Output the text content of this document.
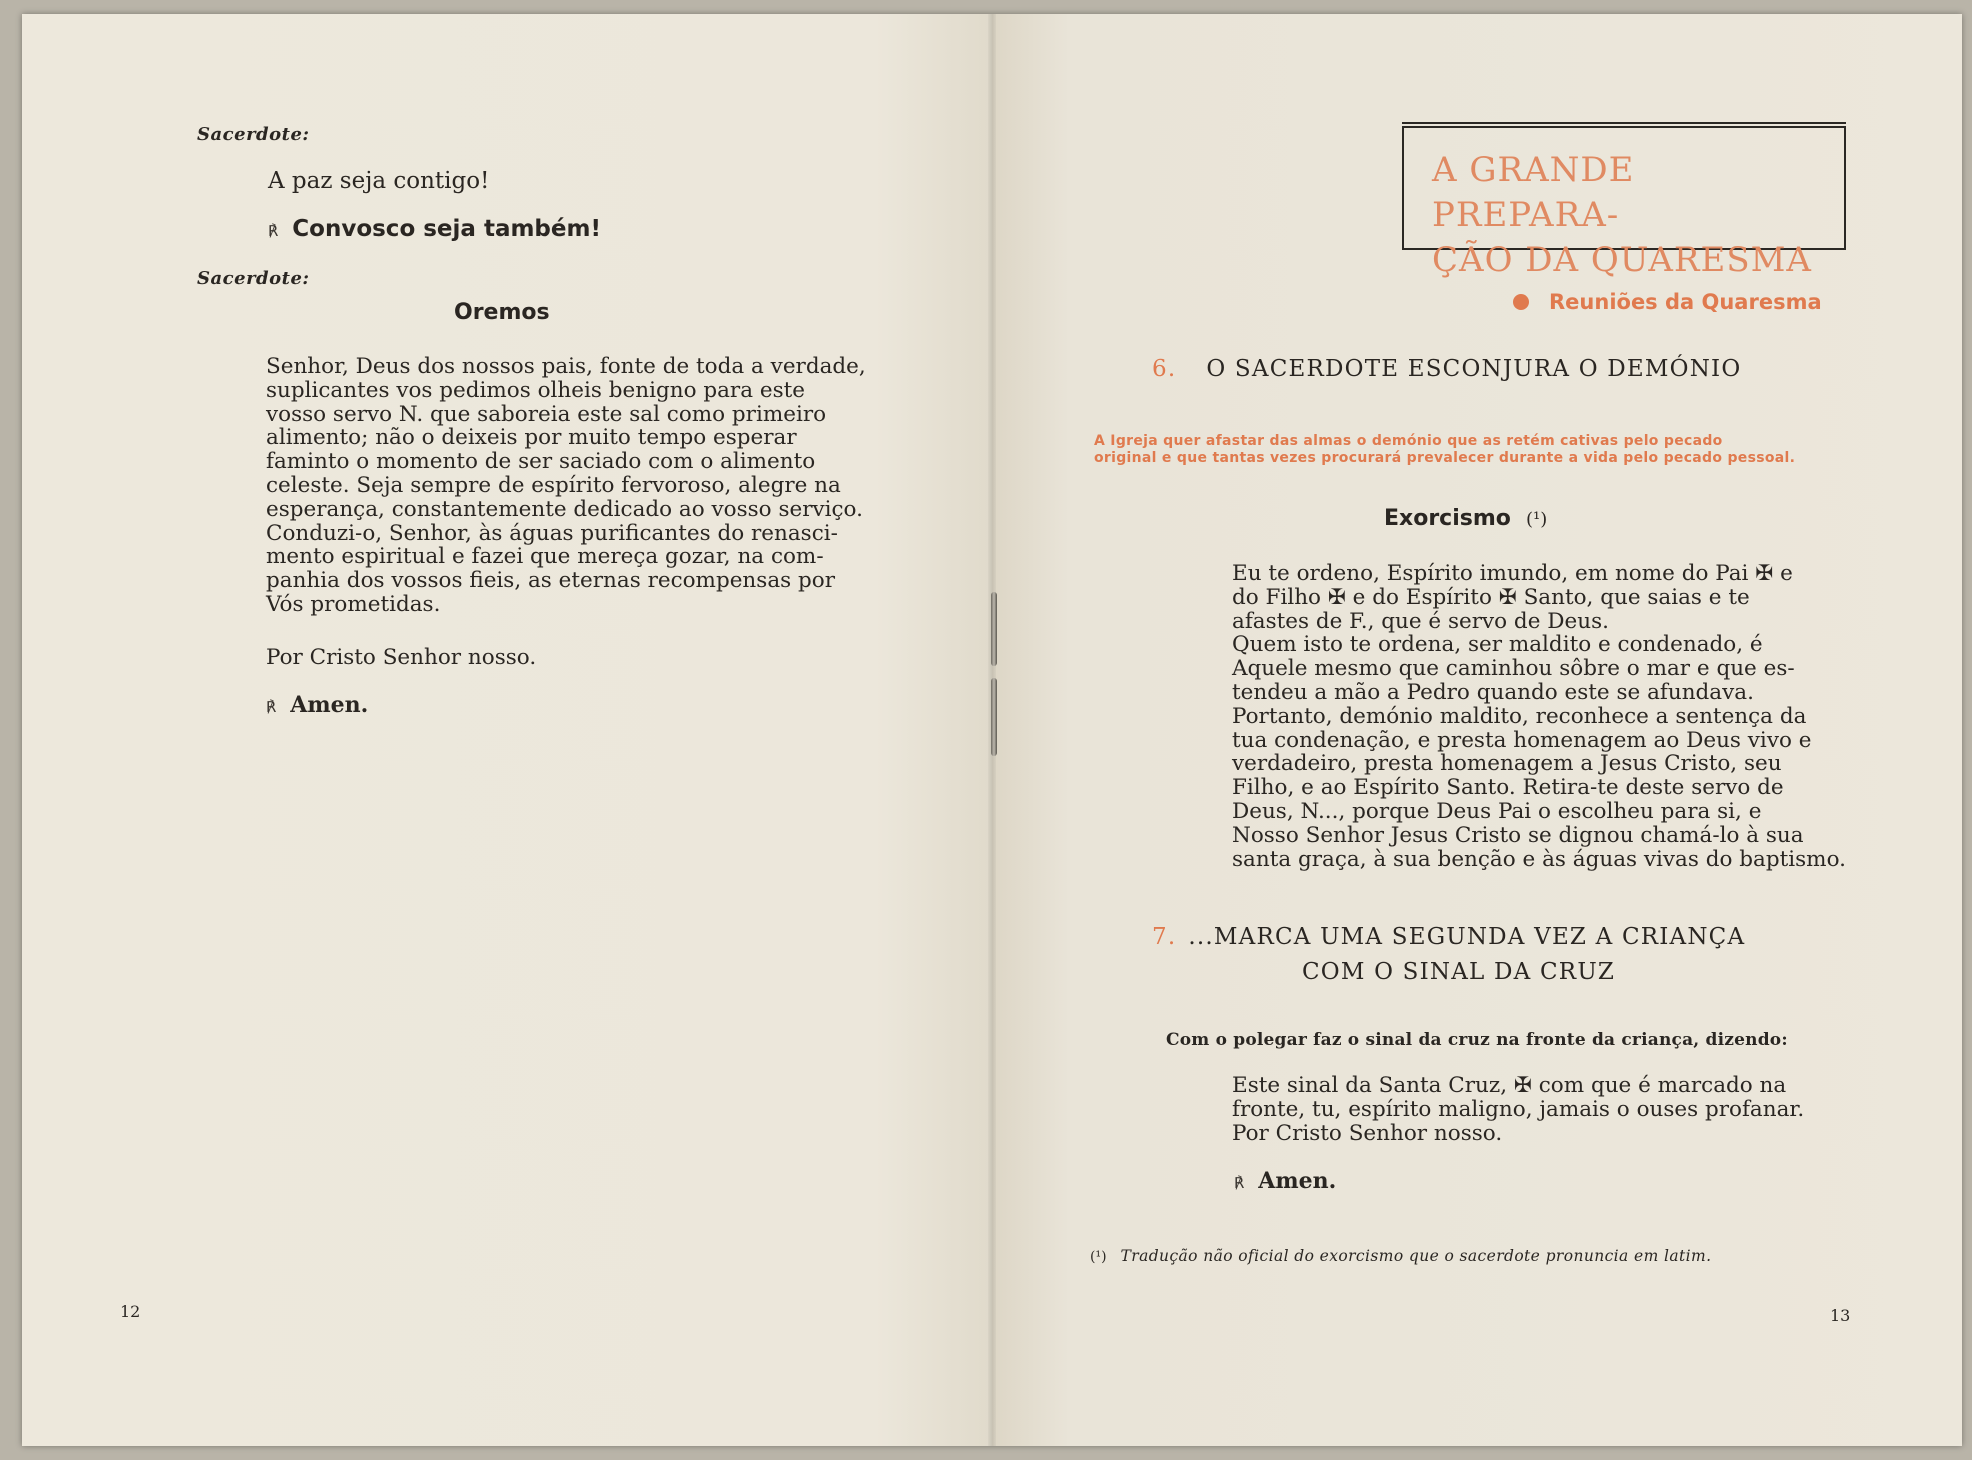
Sacerdote:
A paz seja contigo!
℟ Convosco seja também!
Sacerdote:
Oremos
Senhor, Deus dos nossos pais, fonte de toda a verdade,
suplicantes vos pedimos olheis benigno para este
vosso servo N. que saboreia este sal como primeiro
alimento; não o deixeis por muito tempo esperar
faminto o momento de ser saciado com o alimento
celeste. Seja sempre de espírito fervoroso, alegre na
esperança, constantemente dedicado ao vosso serviço.
Conduzi-o, Senhor, às águas purificantes do renasci-
mento espiritual e fazei que mereça gozar, na com-
panhia dos vossos fieis, as eternas recompensas por
Vós prometidas.
Por Cristo Senhor nosso.
℟ Amen.
12
A GRANDE PREPARA-
ÇÃO DA QUARESMA
Reuniões da Quaresma
6. O SACERDOTE ESCONJURA O DEMÓNIO
A Igreja quer afastar das almas o demónio que as retém cativas pelo pecado
original e que tantas vezes procurará prevalecer durante a vida pelo pecado pessoal.
Exorcismo (¹)
Eu te ordeno, Espírito imundo, em nome do Pai ✠ e
do Filho ✠ e do Espírito ✠ Santo, que saias e te
afastes de F., que é servo de Deus.
Quem isto te ordena, ser maldito e condenado, é
Aquele mesmo que caminhou sôbre o mar e que es-
tendeu a mão a Pedro quando este se afundava.
Portanto, demónio maldito, reconhece a sentença da
tua condenação, e presta homenagem ao Deus vivo e
verdadeiro, presta homenagem a Jesus Cristo, seu
Filho, e ao Espírito Santo. Retira-te deste servo de
Deus, N..., porque Deus Pai o escolheu para si, e
Nosso Senhor Jesus Cristo se dignou chamá-lo à sua
santa graça, à sua benção e às águas vivas do baptismo.
7. ...MARCA UMA SEGUNDA VEZ A CRIANÇA
COM O SINAL DA CRUZ
Com o polegar faz o sinal da cruz na fronte da criança, dizendo:
Este sinal da Santa Cruz, ✠ com que é marcado na
fronte, tu, espírito maligno, jamais o ouses profanar.
Por Cristo Senhor nosso.
℟ Amen.
(¹) Tradução não oficial do exorcismo que o sacerdote pronuncia em latim.
13
